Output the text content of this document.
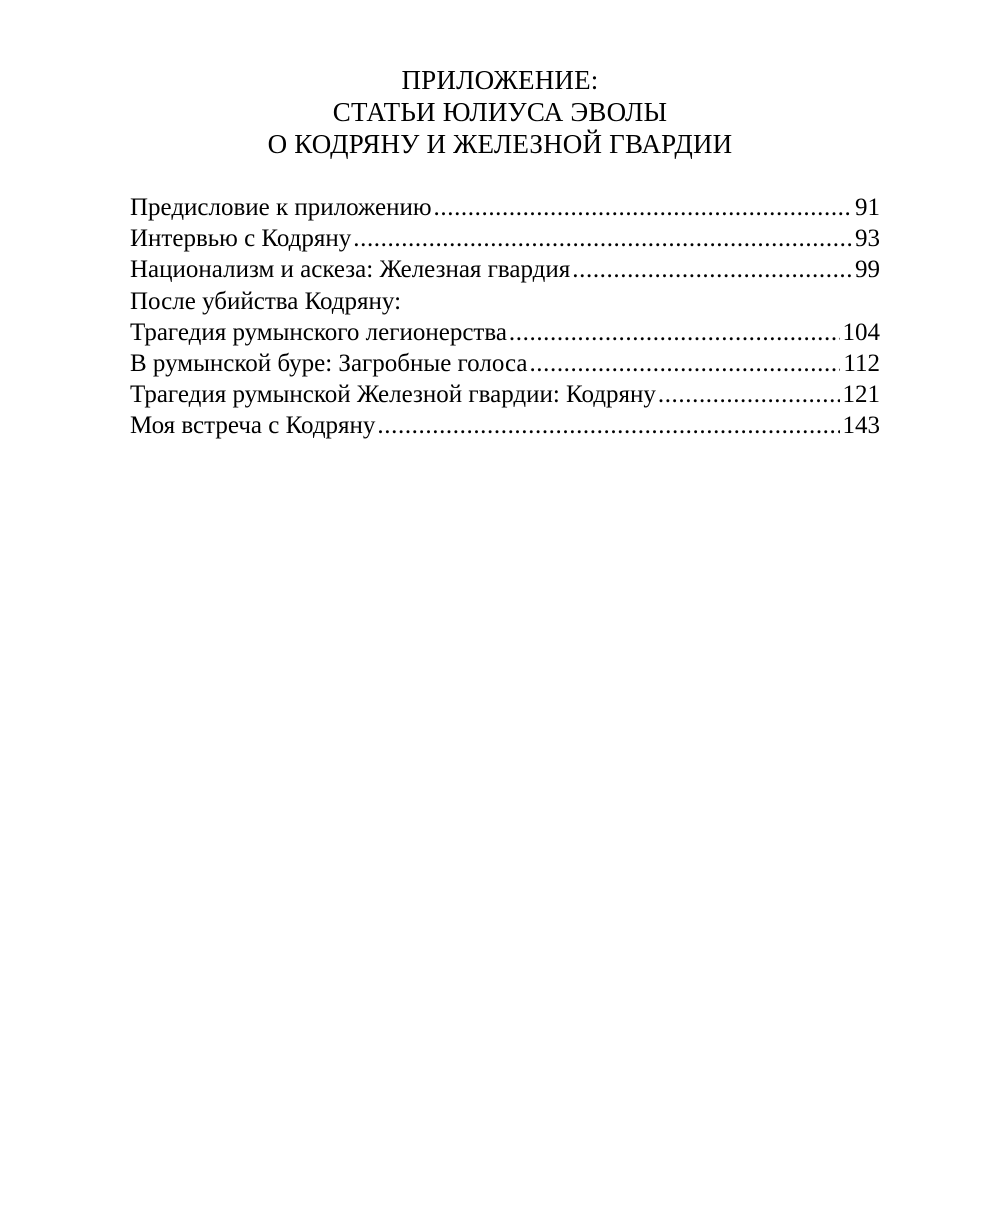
ПРИЛОЖЕНИЕ:
СТАТЬИ ЮЛИУСА ЭВОЛЫ
О КОДРЯНУ И ЖЕЛЕЗНОЙ ГВАРДИИ
Предисловие к приложению .....	91
Интервью с Кодряну .....	93
Национализм и аскеза: Железная гвардия .....	99
После убийства Кодряну:
Трагедия румынского легионерства .....	104
В румынской буре: Загробные голоса .....	112
Трагедия румынской Железной гвардии: Кодряну .....	121
Моя встреча с Кодряну .....	143
